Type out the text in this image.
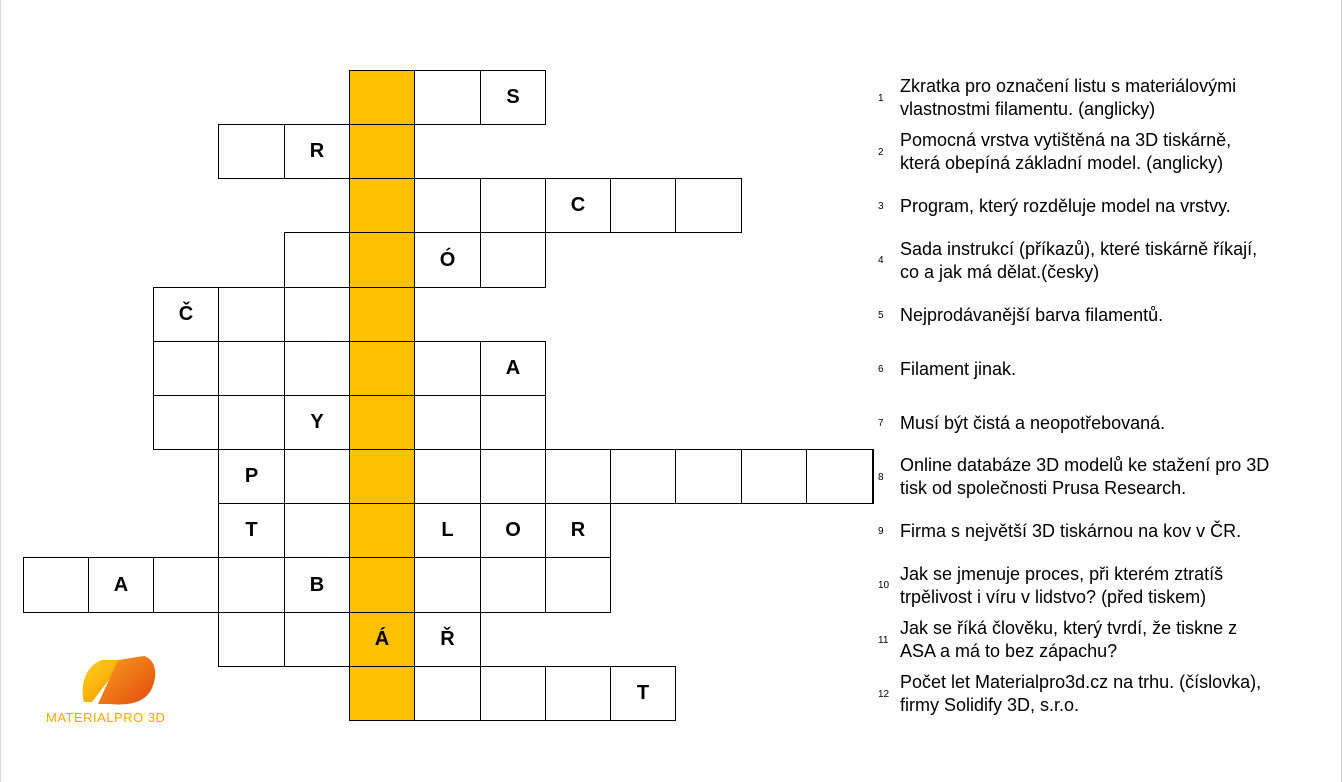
S
R
C
Ó
Č
A
Y
P
T	L	O	R
A	B
Á	Ř
T
1
Zkratka pro označení listu s materiálovými
vlastnostmi filamentu. (anglicky)
2
Pomocná vrstva vytištěná na 3D tiskárně,
která obepíná základní model. (anglicky)
3 Program, který rozděluje model na vrstvy.
4
Sada instrukcí (příkazů), které tiskárně říkají,
co a jak má dělat.(česky)
5 Nejprodávanější barva filamentů.
6 Filament jinak.
7 Musí být čistá a neopotřebovaná.
8
Online databáze 3D modelů ke stažení pro 3D
tisk od společnosti Prusa Research.
9 Firma s největší 3D tiskárnou na kov v ČR.
10
Jak se jmenuje proces, při kterém ztratíš
trpělivost i víru v lidstvo? (před tiskem)
11
Jak se říká člověku, který tvrdí, že tiskne z
ASA a má to bez zápachu?
12
Počet let Materialpro3d.cz na trhu. (číslovka),
firmy Solidify 3D, s.r.o.
MATERIALPRO 3D
